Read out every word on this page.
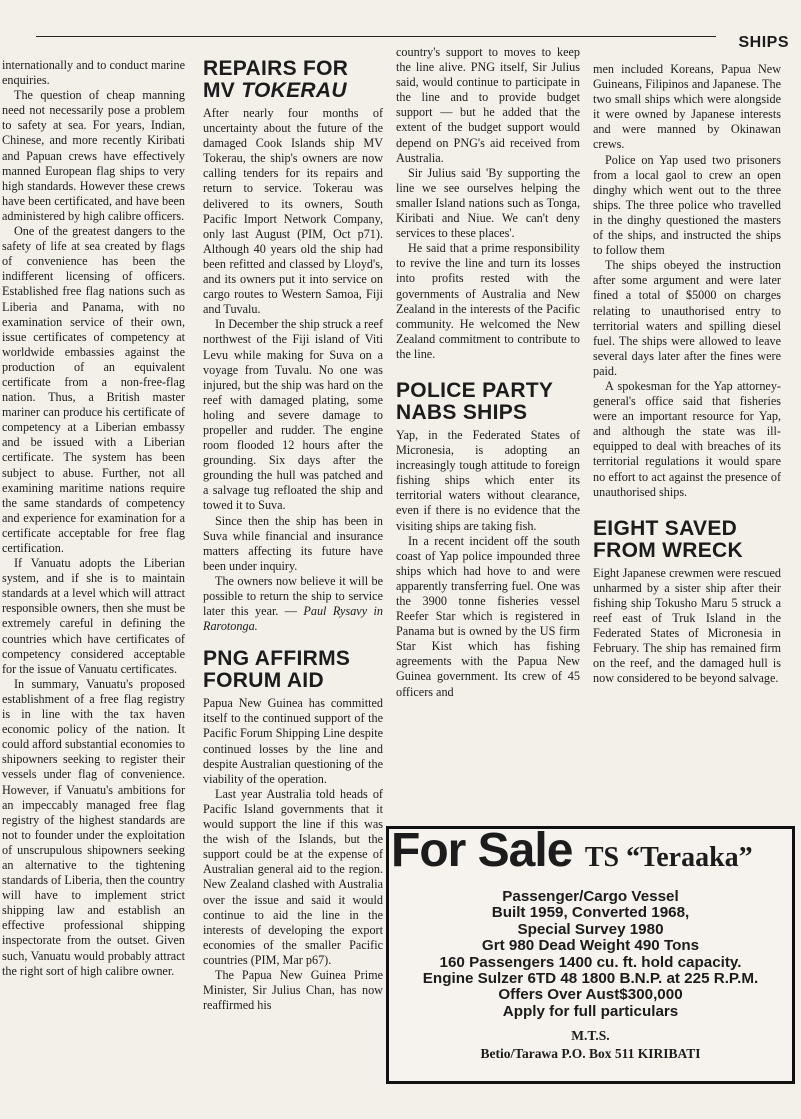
SHIPS

internationally and to conduct marine enquiries.

The question of cheap manning need not necessarily pose a problem to safety at sea. For years, Indian, Chinese, and more recently Kiribati and Papuan crews have effectively manned European flag ships to very high standards. However these crews have been certificated, and have been administered by high calibre officers.

One of the greatest dangers to the safety of life at sea created by flags of convenience has been the indifferent licensing of officers. Established free flag nations such as Liberia and Panama, with no examination service of their own, issue certificates of competency at worldwide embassies against the production of an equivalent certificate from a non-free-flag nation. Thus, a British master mariner can produce his certificate of competency at a Liberian embassy and be issued with a Liberian certificate. The system has been subject to abuse. Further, not all examining maritime nations require the same standards of competency and experience for examination for a certificate acceptable for free flag certification.

If Vanuatu adopts the Liberian system, and if she is to maintain standards at a level which will attract responsible owners, then she must be extremely careful in defining the countries which have certificates of competency considered acceptable for the issue of Vanuatu certificates.

In summary, Vanuatu's proposed establishment of a free flag registry is in line with the tax haven economic policy of the nation. It could afford substantial economies to shipowners seeking to register their vessels under flag of convenience. However, if Vanuatu's ambitions for an impeccably managed free flag registry of the highest standards are not to founder under the exploitation of unscrupulous shipowners seeking an alternative to the tightening standards of Liberia, then the country will have to implement strict shipping law and establish an effective professional shipping inspectorate from the outset. Given such, Vanuatu would probably attract the right sort of high calibre owner.

REPAIRS FOR
MV TOKERAU

After nearly four months of uncertainty about the future of the damaged Cook Islands ship MV Tokerau, the ship's owners are now calling tenders for its repairs and return to service. Tokerau was delivered to its owners, South Pacific Import Network Company, only last August (PIM, Oct p71). Although 40 years old the ship had been refitted and classed by Lloyd's, and its owners put it into service on cargo routes to Western Samoa, Fiji and Tuvalu.

In December the ship struck a reef northwest of the Fiji island of Viti Levu while making for Suva on a voyage from Tuvalu. No one was injured, but the ship was hard on the reef with damaged plating, some holing and severe damage to propeller and rudder. The engine room flooded 12 hours after the grounding. Six days after the grounding the hull was patched and a salvage tug refloated the ship and towed it to Suva.

Since then the ship has been in Suva while financial and insurance matters affecting its future have been under inquiry.

The owners now believe it will be possible to return the ship to service later this year. — Paul Rysavy in Rarotonga.

PNG AFFIRMS
FORUM AID

Papua New Guinea has committed itself to the continued support of the Pacific Forum Shipping Line despite continued losses by the line and despite Australian questioning of the viability of the operation.

Last year Australia told heads of Pacific Island governments that it would support the line if this was the wish of the Islands, but the support could be at the expense of Australian general aid to the region. New Zealand clashed with Australia over the issue and said it would continue to aid the line in the interests of developing the export economies of the smaller Pacific countries (PIM, Mar p67).

The Papua New Guinea Prime Minister, Sir Julius Chan, has now reaffirmed his

country's support to moves to keep the line alive. PNG itself, Sir Julius said, would continue to participate in the line and to provide budget support — but he added that the extent of the budget support would depend on PNG's aid received from Australia.

Sir Julius said 'By supporting the line we see ourselves helping the smaller Island nations such as Tonga, Kiribati and Niue. We can't deny services to these places'.

He said that a prime responsibility to revive the line and turn its losses into profits rested with the governments of Australia and New Zealand in the interests of the Pacific community. He welcomed the New Zealand commitment to contribute to the line.

POLICE PARTY
NABS SHIPS

Yap, in the Federated States of Micronesia, is adopting an increasingly tough attitude to foreign fishing ships which enter its territorial waters without clearance, even if there is no evidence that the visiting ships are taking fish.

In a recent incident off the south coast of Yap police impounded three ships which had hove to and were apparently transferring fuel. One was the 3900 tonne fisheries vessel Reefer Star which is registered in Panama but is owned by the US firm Star Kist which has fishing agreements with the Papua New Guinea government. Its crew of 45 officers and

men included Koreans, Papua New Guineans, Filipinos and Japanese. The two small ships which were alongside it were owned by Japanese interests and were manned by Okinawan crews.

Police on Yap used two prisoners from a local gaol to crew an open dinghy which went out to the three ships. The three police who travelled in the dinghy questioned the masters of the ships, and instructed the ships to follow them

The ships obeyed the instruction after some argument and were later fined a total of $5000 on charges relating to unauthorised entry to territorial waters and spilling diesel fuel. The ships were allowed to leave several days later after the fines were paid.

A spokesman for the Yap attorney-general's office said that fisheries were an important resource for Yap, and although the state was ill-equipped to deal with breaches of its territorial regulations it would spare no effort to act against the presence of unauthorised ships.

EIGHT SAVED
FROM WRECK

Eight Japanese crewmen were rescued unharmed by a sister ship after their fishing ship Tokusho Maru 5 struck a reef east of Truk Island in the Federated States of Micronesia in February. The ship has remained firm on the reef, and the damaged hull is now considered to be beyond salvage.

For Sale TS “Teraaka”
Passenger/Cargo Vessel
Built 1959, Converted 1968,
Special Survey 1980
Grt 980 Dead Weight 490 Tons
160 Passengers 1400 cu. ft. hold capacity.
Engine Sulzer 6TD 48 1800 B.N.P. at 225 R.P.M.
Offers Over Aust$300,000
Apply for full particulars
M.T.S.
Betio/Tarawa P.O. Box 511 KIRIBATI
